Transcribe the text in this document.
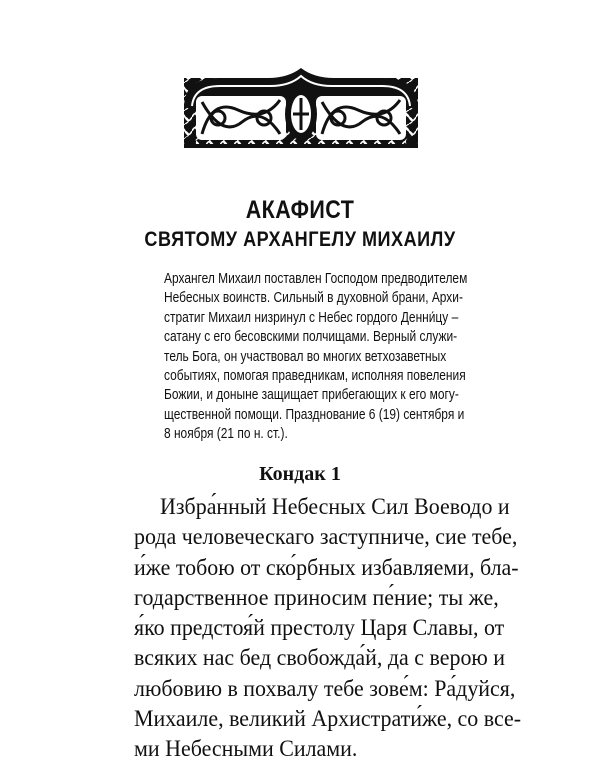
АКАФИСТ
СВЯТОМУ АРХАНГЕЛУ МИХАИЛУ
Архангел Михаил поставлен Господом предводителем
Небесных воинств. Сильный в духовной брани, Архи-
стратиг Михаил низринул с Небес гордого Денни́цу –
сатану с его бесовскими полчищами. Верный служи-
тель Бога, он участвовал во многих ветхозаветных
событиях, помогая праведникам, исполняя повеления
Божии, и доныне защищает прибегающих к его могу-
щественной помощи. Празднование 6 (19) сентября и
8 ноября (21 по н. ст.).
Кондак 1
Избра́нный Небесных Сил Воеводо и
рода человеческаго заступниче, сие тебе,
и́же тобою от ско́рбных избавляеми, бла-
годарственное приносим пе́ние; ты же,
я́ко предстоя́й престолу Царя Славы, от
всяких нас бед свобожда́й, да с верою и
любовию в похвалу тебе зове́м: Ра́дуйся,
Михаиле, великий Архистрати́же, со все-
ми Небесными Силами.
